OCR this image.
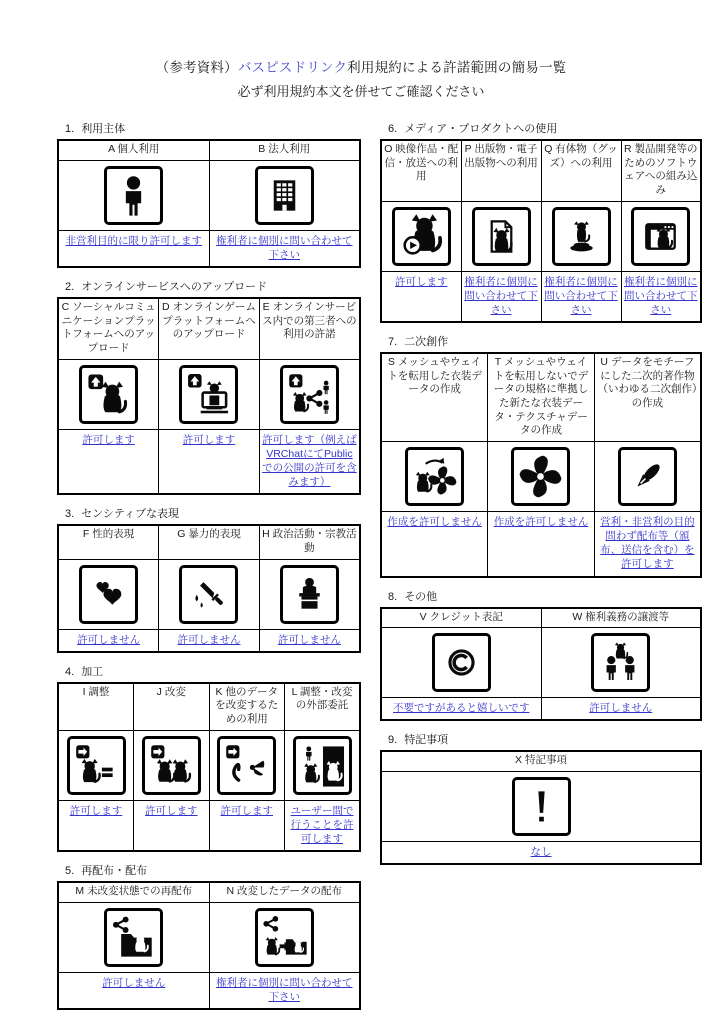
（参考資料）バスピスドリンク利用規約による許諾範囲の簡易一覧
必ず利用規約本文を併せてご確認ください
1. 利用主体
A 個人利用	B 法人利用

非営利目的に限り許可します	権利者に個別に問い合わせて下さい
2. オンラインサービスへのアップロード
C ソーシャルコミュニケーションプラットフォームへのアップロード	D オンラインゲームプラットフォームへのアップロード	E オンラインサービス内での第三者への利用の許諾

許可します	許可します	許可します（例えばVRChatにてPublicでの公開の許可を含みます）
3. センシティブな表現
F 性的表現	G 暴力的表現	H 政治活動・宗教活動

許可しません	許可しません	許可しません
4. 加工
I 調整	J 改変	K 他のデータを改変するための利用	L 調整・改変の外部委託

許可します	許可します	許可します	ユーザー間で行うことを許可します
5. 再配布・配布
M 未改変状態での再配布	N 改変したデータの配布

許可しません	権利者に個別に問い合わせて下さい
6. メディア・プロダクトへの使用
O 映像作品・配信・放送への利用	P 出版物・電子出版物への利用	Q 有体物（グッズ）への利用	R 製品開発等のためのソフトウェアへの組み込み

許可します	権利者に個別に問い合わせて下さい	権利者に個別に問い合わせて下さい	権利者に個別に問い合わせて下さい
7. 二次創作
S メッシュやウェイトを転用した衣装データの作成	T メッシュやウェイトを転用しないでデータの規格に準拠した新たな衣装データ・テクスチャデータの作成	U データをモチーフにした二次的著作物（いわゆる二次創作）の作成

作成を許可しません	作成を許可しません	営利・非営利の目的問わず配布等（頒布、送信を含む）を許可します
8. その他
V クレジット表記	W 権利義務の譲渡等

不要ですがあると嬉しいです	許可しません
9. 特記事項
X 特記事項

なし
